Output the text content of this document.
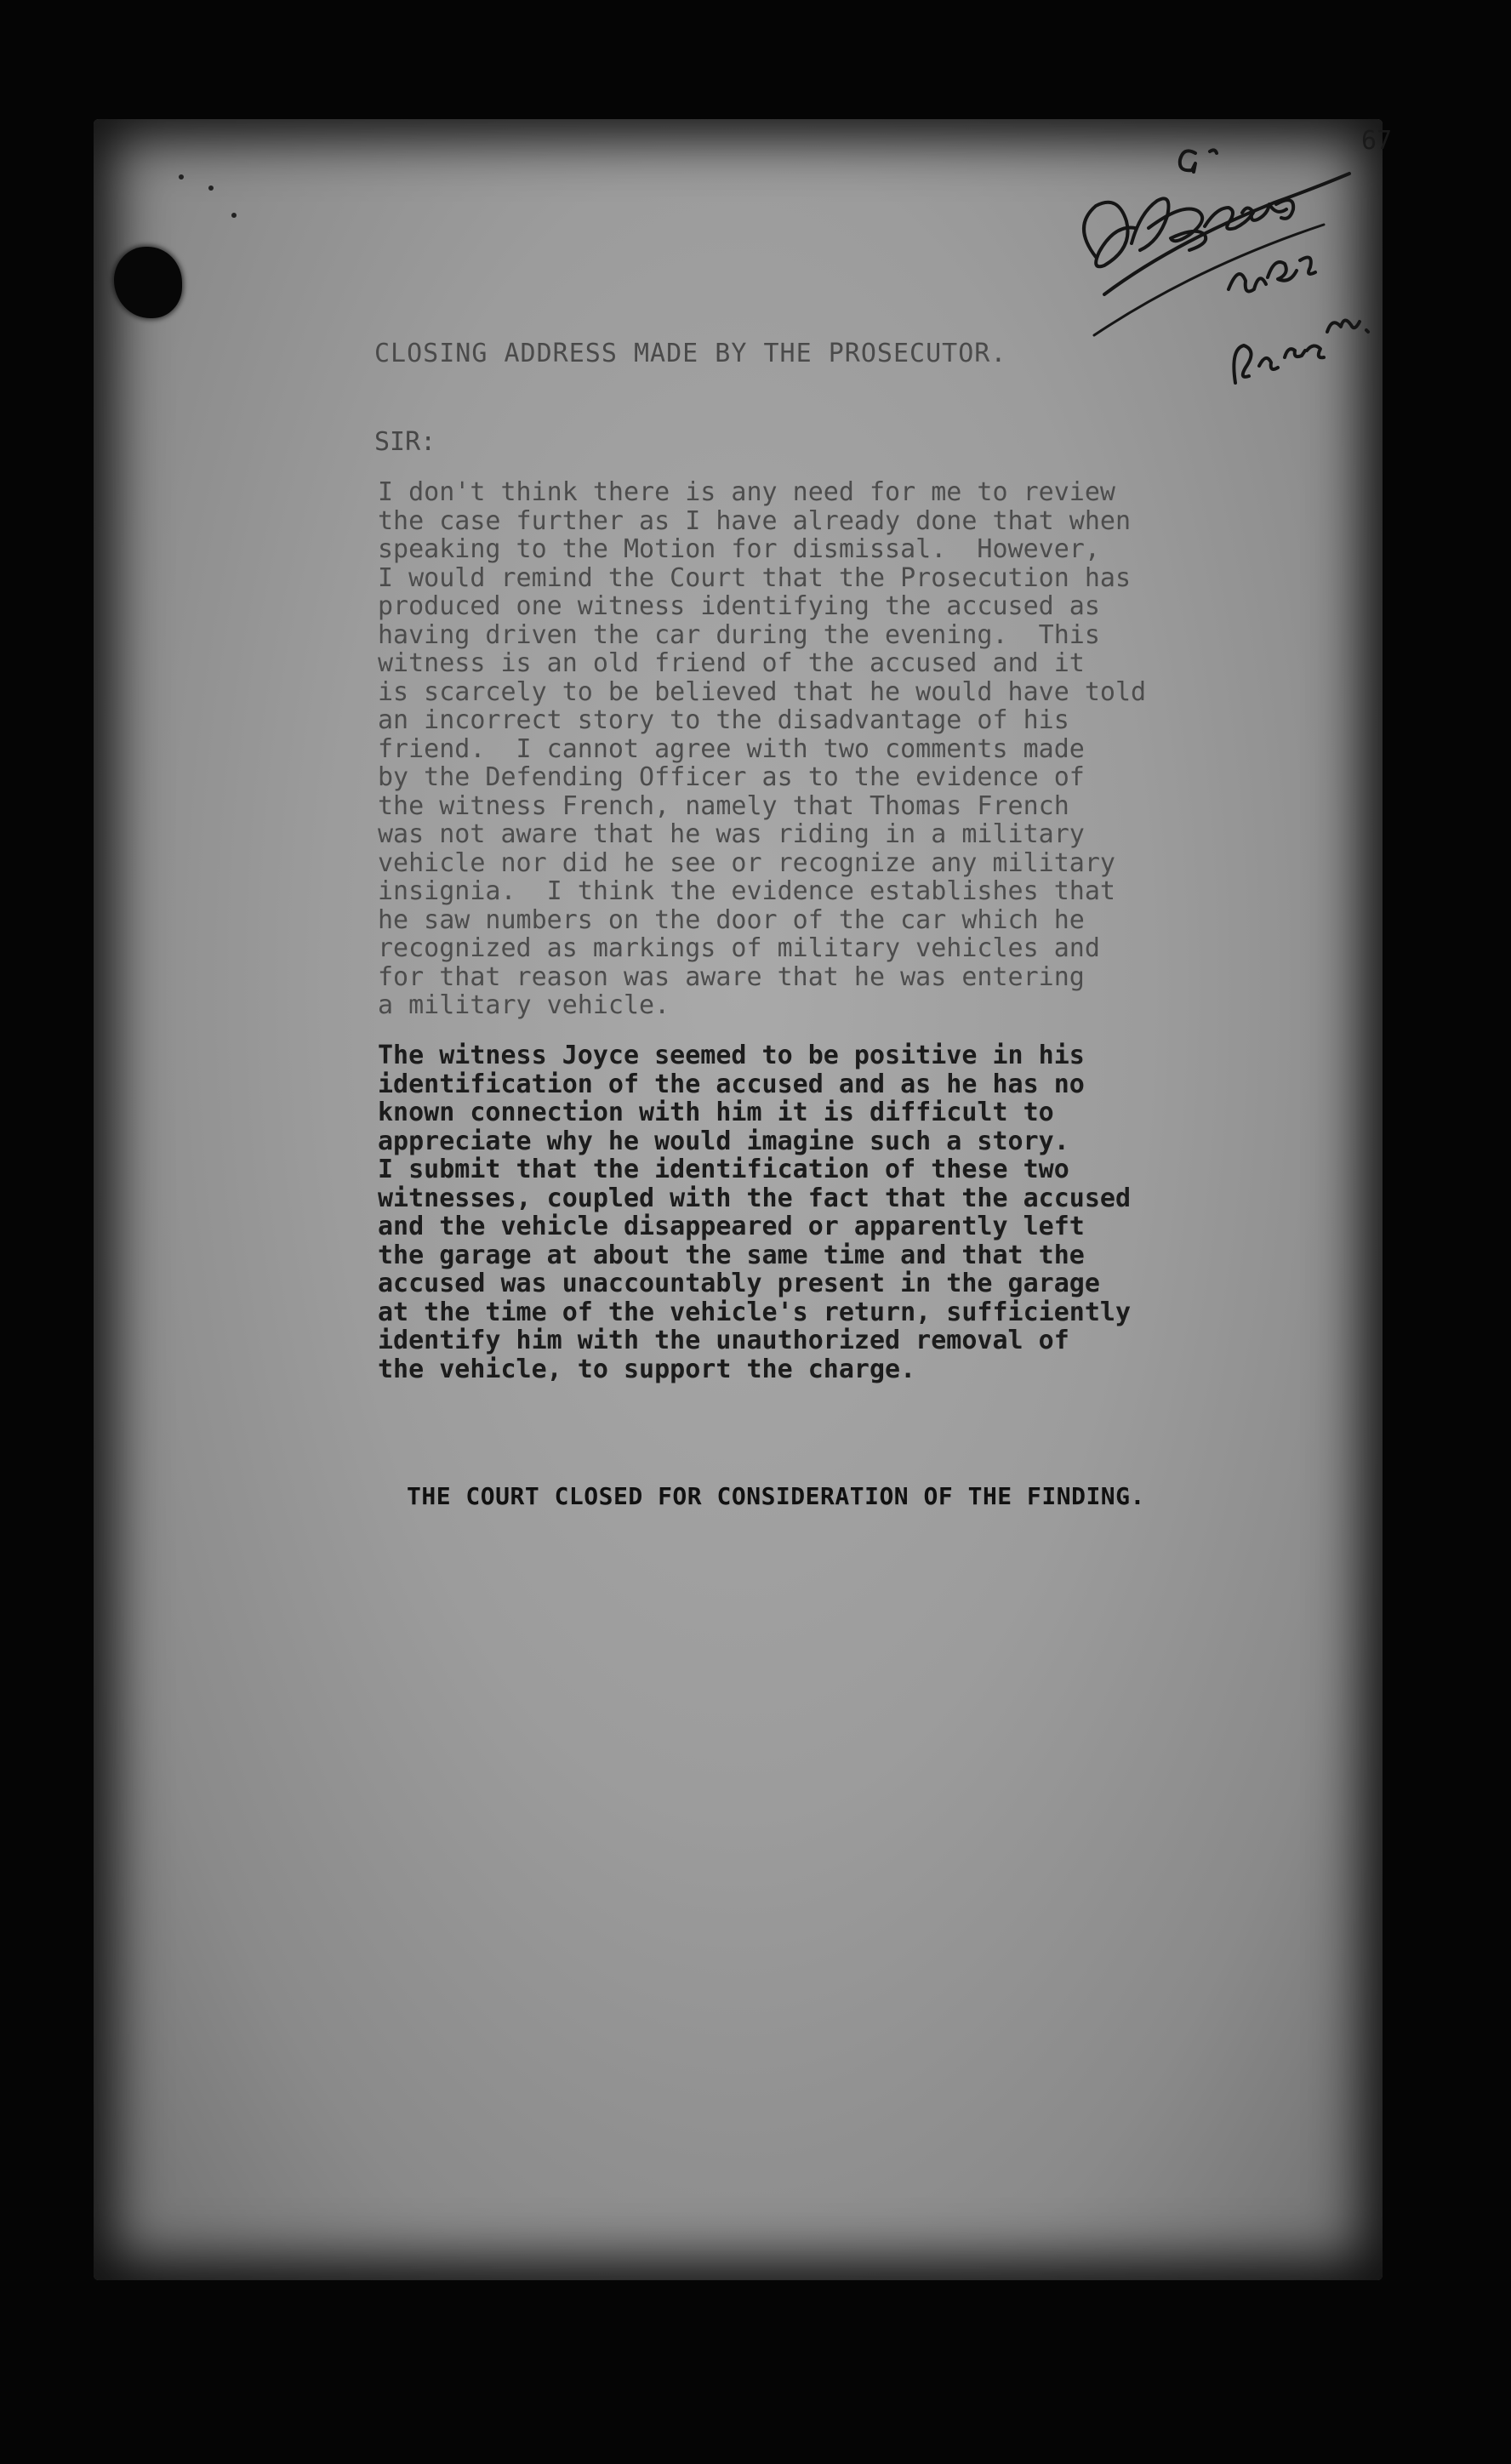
67
CLOSING ADDRESS MADE BY THE PROSECUTOR.
SIR:
I don't think there is any need for me to review
the case further as I have already done that when
speaking to the Motion for dismissal.  However,
I would remind the Court that the Prosecution has
produced one witness identifying the accused as
having driven the car during the evening.  This
witness is an old friend of the accused and it
is scarcely to be believed that he would have told
an incorrect story to the disadvantage of his
friend.  I cannot agree with two comments made
by the Defending Officer as to the evidence of
the witness French, namely that Thomas French
was not aware that he was riding in a military
vehicle nor did he see or recognize any military
insignia.  I think the evidence establishes that
he saw numbers on the door of the car which he
recognized as markings of military vehicles and
for that reason was aware that he was entering
a military vehicle.
The witness Joyce seemed to be positive in his
identification of the accused and as he has no
known connection with him it is difficult to
appreciate why he would imagine such a story.
I submit that the identification of these two
witnesses, coupled with the fact that the accused
and the vehicle disappeared or apparently left
the garage at about the same time and that the
accused was unaccountably present in the garage
at the time of the vehicle's return, sufficiently
identify him with the unauthorized removal of
the vehicle, to support the charge.
THE COURT CLOSED FOR CONSIDERATION OF THE FINDING.
